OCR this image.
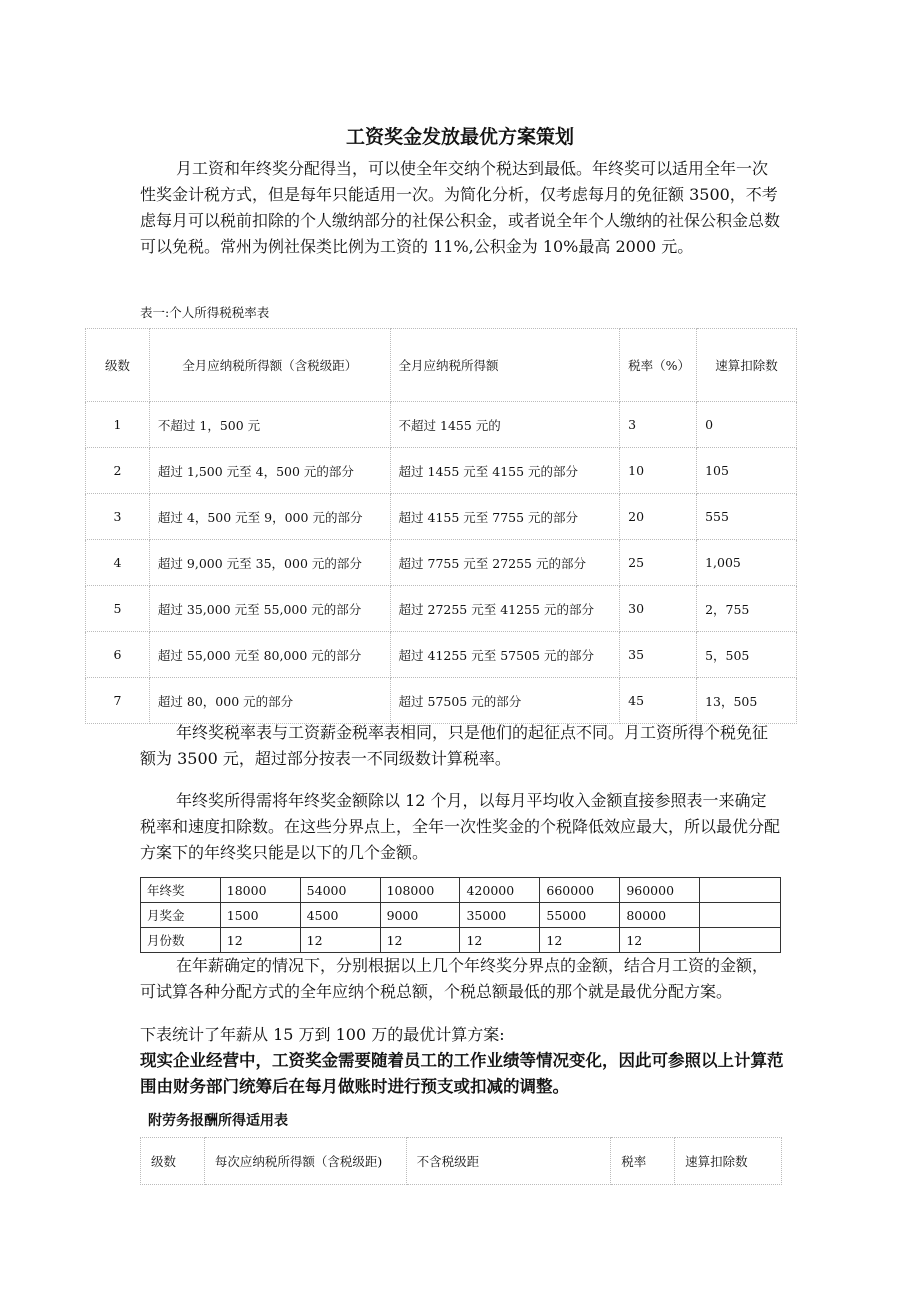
工资奖金发放最优方案策划

月工资和年终奖分配得当，可以使全年交纳个税达到最低。年终奖可以适用全年一次性奖金计税方式，但是每年只能适用一次。为简化分析，仅考虑每月的免征额 3500，不考虑每月可以税前扣除的个人缴纳部分的社保公积金，或者说全年个人缴纳的社保公积金总数可以免税。常州为例社保类比例为工资的 11%,公积金为 10%最高 2000 元。

表一:个人所得税税率表
级数	全月应纳税所得额（含税级距）	全月应纳税所得额	税率（%）	速算扣除数
1	不超过 1，500 元	不超过 1455 元的	3	0
2	超过 1,500 元至 4，500 元的部分	超过 1455 元至 4155 元的部分	10	105
3	超过 4，500 元至 9，000 元的部分	超过 4155 元至 7755 元的部分	20	555
4	超过 9,000 元至 35，000 元的部分	超过 7755 元至 27255 元的部分	25	1,005
5	超过 35,000 元至 55,000 元的部分	超过 27255 元至 41255 元的部分	30	2，755
6	超过 55,000 元至 80,000 元的部分	超过 41255 元至 57505 元的部分	35	5，505
7	超过 80，000 元的部分	超过 57505 元的部分	45	13，505

年终奖税率表与工资薪金税率表相同，只是他们的起征点不同。月工资所得个税免征额为 3500 元，超过部分按表一不同级数计算税率。

年终奖所得需将年终奖金额除以 12 个月，以每月平均收入金额直接参照表一来确定税率和速度扣除数。在这些分界点上，全年一次性奖金的个税降低效应最大，所以最优分配方案下的年终奖只能是以下的几个金额。

年终奖	18000	54000	108000	420000	660000	960000	
月奖金	1500	4500	9000	35000	55000	80000	
月份数	12	12	12	12	12	12	

在年薪确定的情况下，分别根据以上几个年终奖分界点的金额，结合月工资的金额，可试算各种分配方式的全年应纳个税总额，个税总额最低的那个就是最优分配方案。

下表统计了年薪从 15 万到 100 万的最优计算方案:

现实企业经营中，工资奖金需要随着员工的工作业绩等情况变化，因此可参照以上计算范围由财务部门统筹后在每月做账时进行预支或扣减的调整。

附劳务报酬所得适用表
级数	每次应纳税所得额（含税级距)	不含税级距	税率	速算扣除数
